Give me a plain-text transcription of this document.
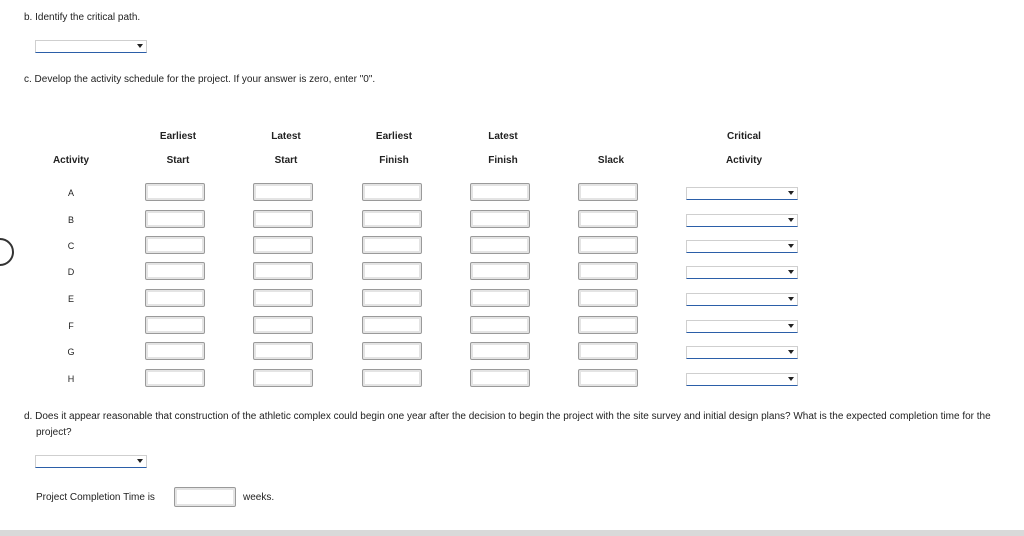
b. Identify the critical path.
c. Develop the activity schedule for the project. If your answer is zero, enter "0".
Activity
Earliest
Start
Latest
Start
Earliest
Finish
Latest
Finish	Slack
Critical
Activity
A
B
C
D
E
F
G
H
d. Does it appear reasonable that construction of the athletic complex could begin one year after the decision to begin the project with the site survey and initial design plans? What is the expected completion time for the project?
Project Completion Time is	weeks.
